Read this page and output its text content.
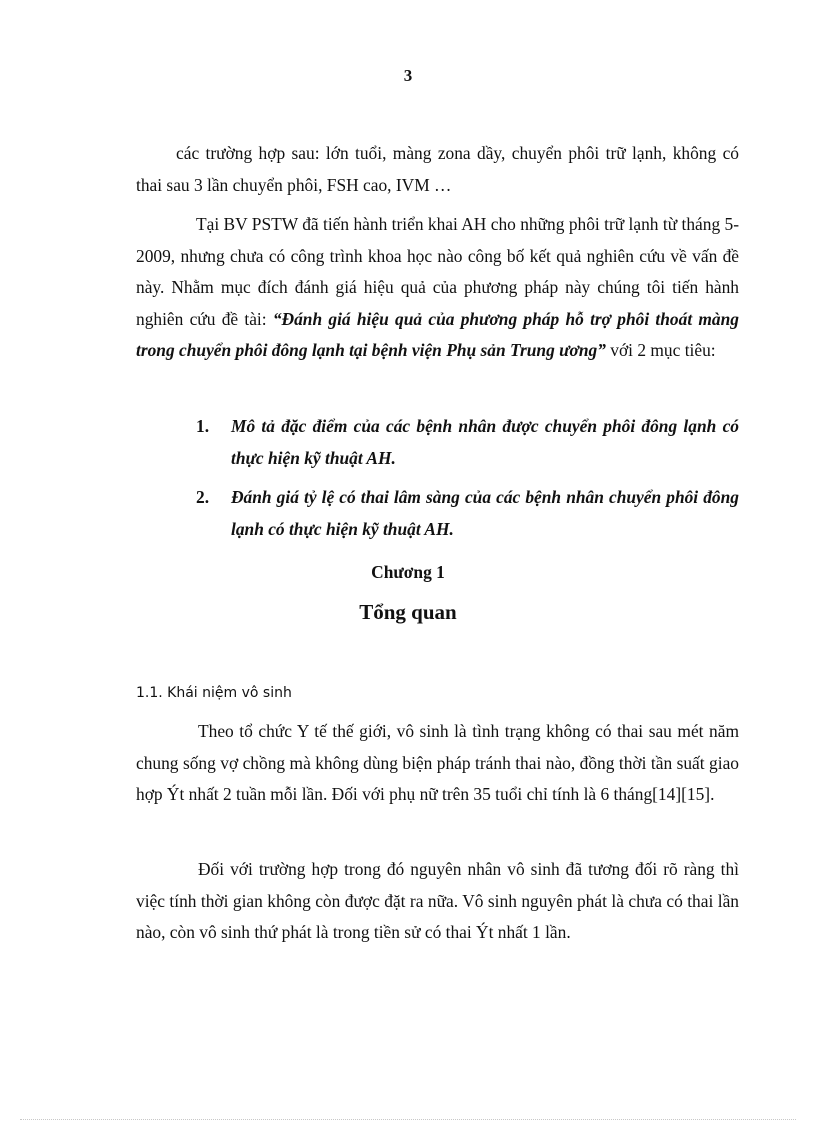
3

các trường hợp sau: lớn tuổi, màng zona dầy, chuyển phôi trữ lạnh, không có thai sau 3 lần chuyển phôi, FSH cao, IVM …

Tại BV PSTW đã tiến hành triển khai AH cho những phôi trữ lạnh từ tháng 5-2009, nhưng chưa có công trình khoa học nào công bố kết quả nghiên cứu về vấn đề này. Nhằm mục đích đánh giá hiệu quả của phương pháp này chúng tôi tiến hành nghiên cứu đề tài: “Đánh giá hiệu quả của phương pháp hỗ trợ phôi thoát màng trong chuyển phôi đông lạnh tại bệnh viện Phụ sản Trung ương” với 2 mục tiêu:

1. Mô tả đặc điểm của các bệnh nhân được chuyển phôi đông lạnh có thực hiện kỹ thuật AH.
2. Đánh giá tỷ lệ có thai lâm sàng của các bệnh nhân chuyển phôi đông lạnh có thực hiện kỹ thuật AH.
Chương 1
Tổng quan
1.1. Khái niệm vô sinh

Theo tổ chức Y tế thế giới, vô sinh là tình trạng không có thai sau mét năm chung sống vợ chồng mà không dùng biện pháp tránh thai nào, đồng thời tần suất giao hợp Ýt nhất 2 tuần mỗi lần. Đối với phụ nữ trên 35 tuổi chỉ tính là 6 tháng[14][15].

Đối với trường hợp trong đó nguyên nhân vô sinh đã tương đối rõ ràng thì việc tính thời gian không còn được đặt ra nữa. Vô sinh nguyên phát là chưa có thai lần nào, còn vô sinh thứ phát là trong tiền sử có thai Ýt nhất 1 lần.
